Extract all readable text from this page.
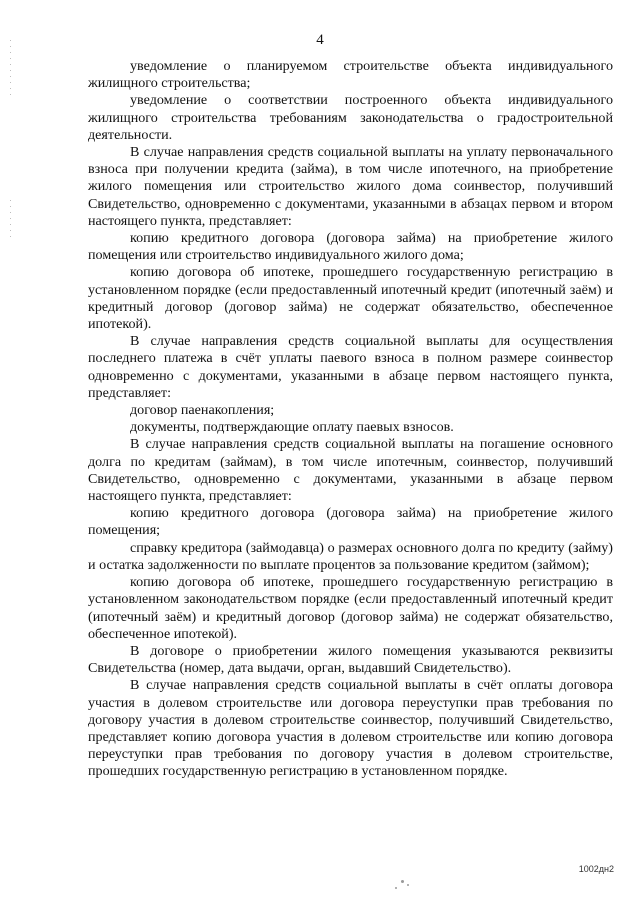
4

уведомление о планируемом строительстве объекта индивидуального жилищного строительства;

уведомление о соответствии построенного объекта индивидуального жилищного строительства требованиям законодательства о градостроительной деятельности.

В случае направления средств социальной выплаты на уплату первоначального взноса при получении кредита (займа), в том числе ипотечного, на приобретение жилого помещения или строительство жилого дома соинвестор, получивший Свидетельство, одновременно с документами, указанными в абзацах первом и втором настоящего пункта, представляет:

копию кредитного договора (договора займа) на приобретение жилого помещения или строительство индивидуального жилого дома;

копию договора об ипотеке, прошедшего государственную регистрацию в установленном порядке (если предоставленный ипотечный кредит (ипотечный заём) и кредитный договор (договор займа) не содержат обязательство, обеспеченное ипотекой).

В случае направления средств социальной выплаты для осуществления последнего платежа в счёт уплаты паевого взноса в полном размере соинвестор одновременно с документами, указанными в абзаце первом настоящего пункта, представляет:

договор паенакопления;

документы, подтверждающие оплату паевых взносов.

В случае направления средств социальной выплаты на погашение основного долга по кредитам (займам), в том числе ипотечным, соинвестор, получивший Свидетельство, одновременно с документами, указанными в абзаце первом настоящего пункта, представляет:

копию кредитного договора (договора займа) на приобретение жилого помещения;

справку кредитора (займодавца) о размерах основного долга по кредиту (займу) и остатка задолженности по выплате процентов за пользование кредитом (займом);

копию договора об ипотеке, прошедшего государственную регистрацию в установленном законодательством порядке (если предоставленный ипотечный кредит (ипотечный заём) и кредитный договор (договор займа) не содержат обязательство, обеспеченное ипотекой).

В договоре о приобретении жилого помещения указываются реквизиты Свидетельства (номер, дата выдачи, орган, выдавший Свидетельство).

В случае направления средств социальной выплаты в счёт оплаты договора участия в долевом строительстве или договора переуступки прав требования по договору участия в долевом строительстве соинвестор, получивший Свидетельство, представляет копию договора участия в долевом строительстве или копию договора переуступки прав требования по договору участия в долевом строительстве, прошедших государственную регистрацию в установленном порядке.

1002дн2
